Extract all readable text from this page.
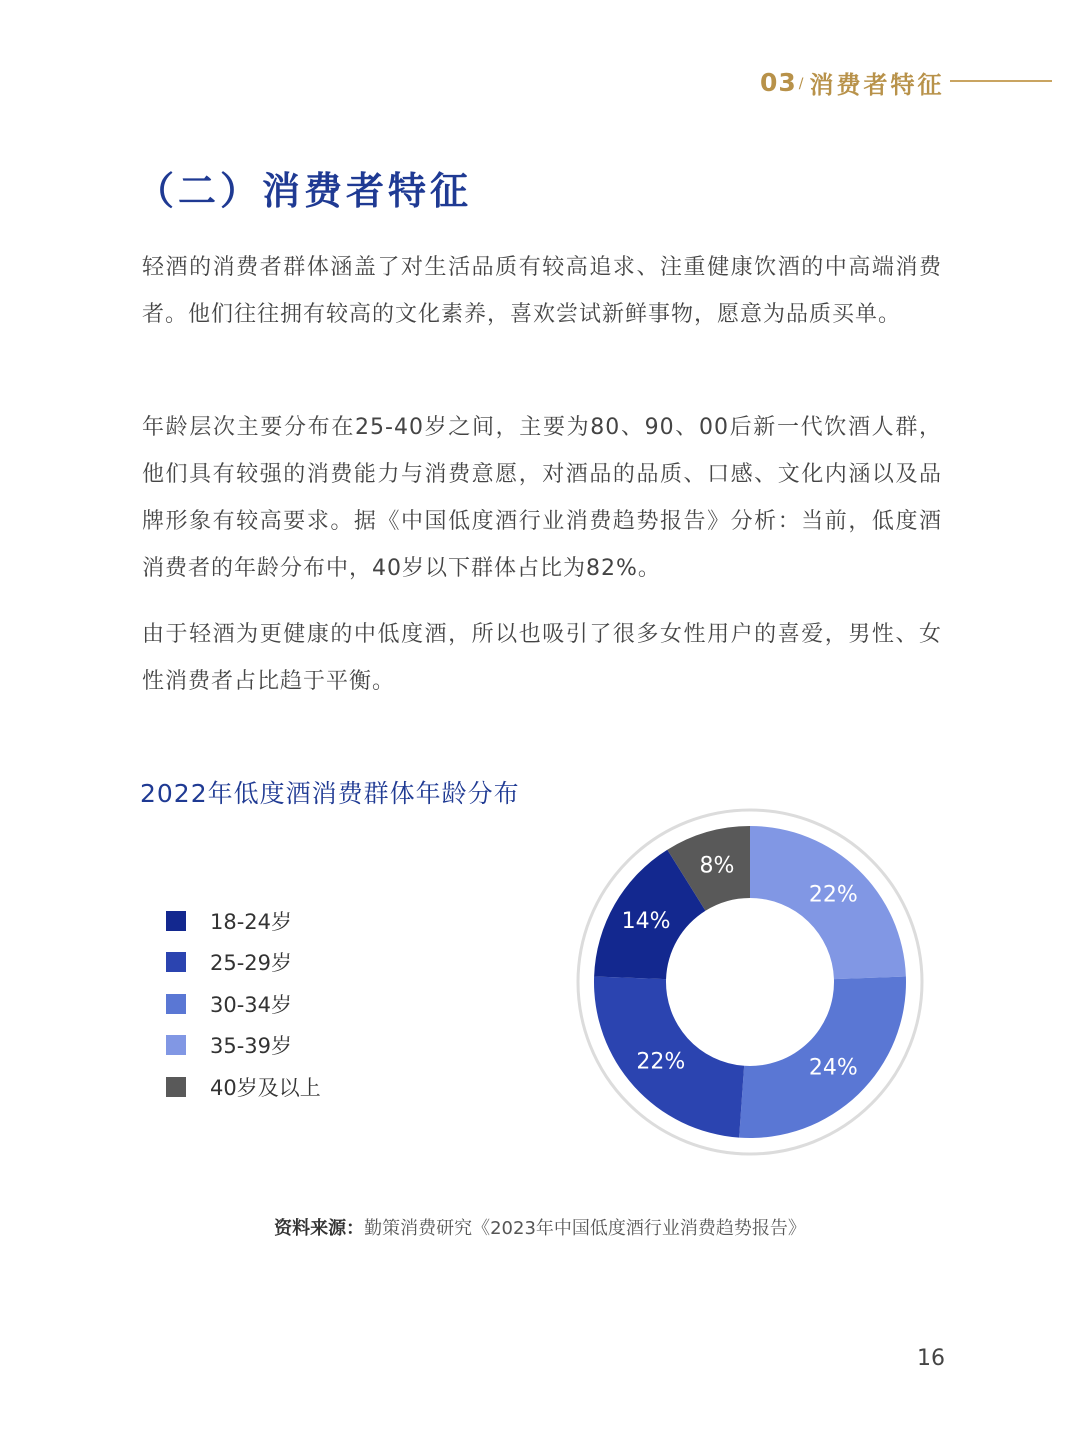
03 / 消费者特征
（二）消费者特征
轻酒的消费者群体涵盖了对生活品质有较高追求、注重健康饮酒的中高端消费者。他们往往拥有较高的文化素养，喜欢尝试新鲜事物，愿意为品质买单。
年龄层次主要分布在25-40岁之间，主要为80、90、00后新一代饮酒人群，他们具有较强的消费能力与消费意愿，对酒品的品质、口感、文化内涵以及品牌形象有较高要求。据《中国低度酒行业消费趋势报告》分析：当前，低度酒消费者的年龄分布中，40岁以下群体占比为82%。
由于轻酒为更健康的中低度酒，所以也吸引了很多女性用户的喜爱，男性、女性消费者占比趋于平衡。
2022年低度酒消费群体年龄分布
18-24岁
25-29岁
30-34岁
35-39岁
40岁及以上
22%
24%
22%
14%
8%
资料来源：勤策消费研究《2023年中国低度酒行业消费趋势报告》
16
